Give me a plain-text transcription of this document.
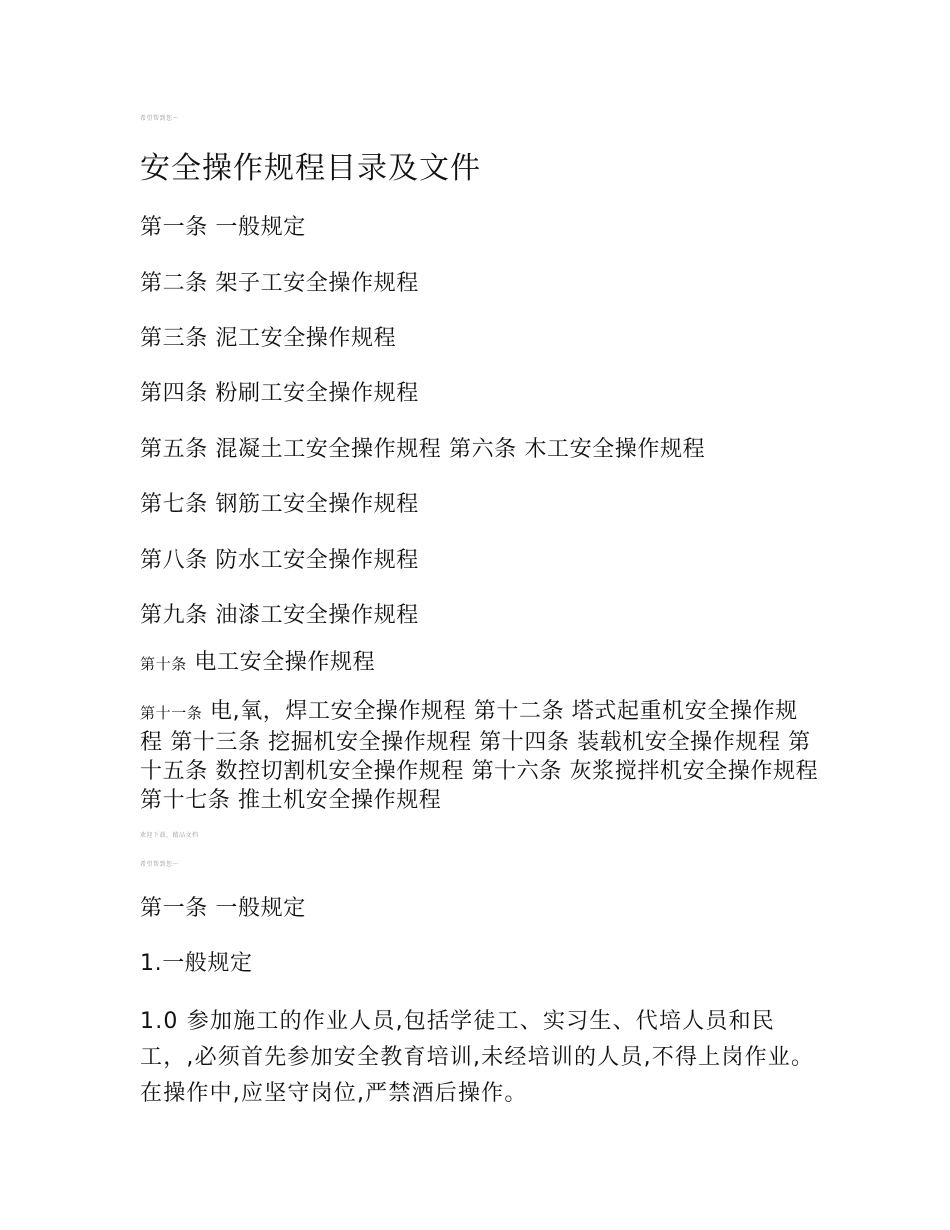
希望帮到您～
安全操作规程目录及文件
第一条 一般规定
第二条 架子工安全操作规程
第三条 泥工安全操作规程
第四条 粉刷工安全操作规程
第五条 混凝土工安全操作规程 第六条 木工安全操作规程
第七条 钢筋工安全操作规程
第八条 防水工安全操作规程
第九条 油漆工安全操作规程
第十条 电工安全操作规程
第十一条 电,氧，焊工安全操作规程 第十二条 塔式起重机安全操作规程 第十三条 挖掘机安全操作规程 第十四条 装载机安全操作规程 第十五条 数控切割机安全操作规程 第十六条 灰浆搅拌机安全操作规程 第十七条 推土机安全操作规程
欢迎下载，精品文档
希望帮到您～
第一条 一般规定
1.一般规定
1.0 参加施工的作业人员,包括学徒工、实习生、代培人员和民工，,必须首先参加安全教育培训,未经培训的人员,不得上岗作业。在操作中,应坚守岗位,严禁酒后操作。
